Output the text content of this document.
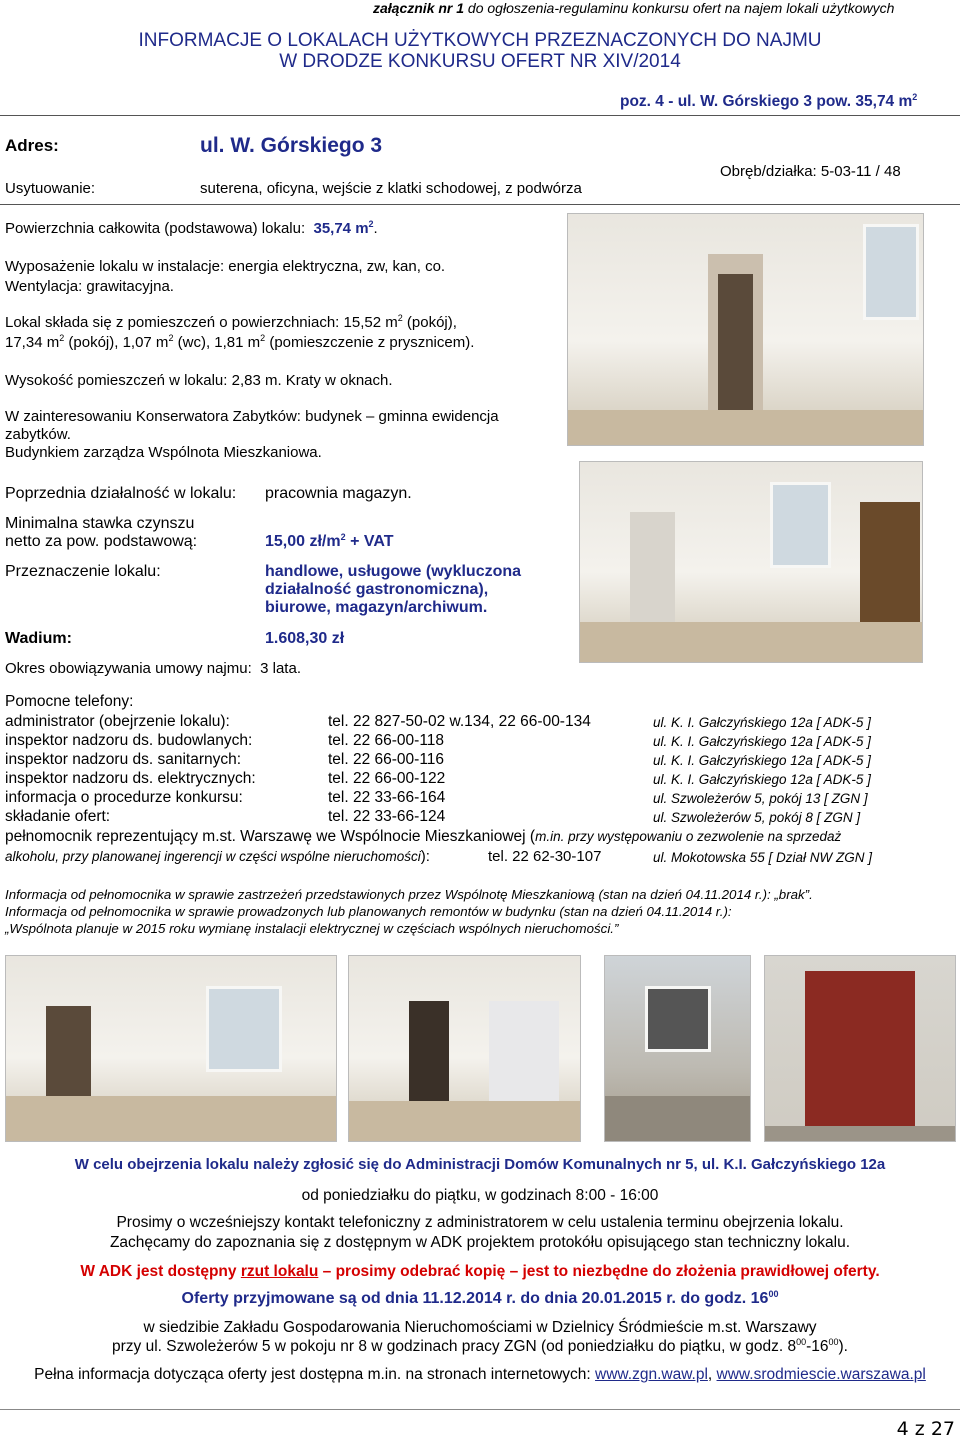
załącznik nr 1 do ogłoszenia-regulaminu konkursu ofert na najem lokali użytkowych
INFORMACJE O LOKALACH UŻYTKOWYCH PRZEZNACZONYCH DO NAJMU
W DRODZE KONKURSU OFERT NR XIV/2014
poz. 4 - ul. W. Górskiego 3 pow. 35,74 $m^2$
Adres:	ul. W. Górskiego 3
Usytuowanie:	suterena, oficyna, wejście z klatki schodowej, z podwórza
Obręb/działka: 5-03-11 / 48
Powierzchnia całkowita (podstawowa) lokalu: 35,74 $m^2$.
Wyposażenie lokalu w instalacje: energia elektryczna, zw, kan, co.
Wentylacja: grawitacyjna.
Lokal składa się z pomieszczeń o powierzchniach: 15,52 $m^2$ (pokój),
17,34 $m^2$ (pokój), 1,07 $m^2$ (wc), 1,81 $m^2$ (pomieszczenie z prysznicem).
Wysokość pomieszczeń w lokalu: 2,83 m. Kraty w oknach.
W zainteresowaniu Konserwatora Zabytków: budynek – gminna ewidencja
zabytków.
Budynkiem zarządza Wspólnota Mieszkaniowa.
Poprzednia działalność w lokalu: pracownia magazyn.
Minimalna stawka czynszu
netto za pow. podstawową:	15,00 $zł/m^2$ + VAT
Przeznaczenie lokalu:	handlowe, usługowe (wykluczona
działalność gastronomiczna),
biurowe, magazyn/archiwum.
Wadium:	1.608,30 zł
Okres obowiązywania umowy najmu: 3 lata.
Pomocne telefony:
administrator (obejrzenie lokalu):	tel. 22 827-50-02 w.134, 22 66-00-134	ul. K. I. Gałczyńskiego 12a [ ADK-5 ]
inspektor nadzoru ds. budowlanych:	tel. 22 66-00-118	ul. K. I. Gałczyńskiego 12a [ ADK-5 ]
inspektor nadzoru ds. sanitarnych:	tel. 22 66-00-116	ul. K. I. Gałczyńskiego 12a [ ADK-5 ]
inspektor nadzoru ds. elektrycznych:	tel. 22 66-00-122	ul. K. I. Gałczyńskiego 12a [ ADK-5 ]
informacja o procedurze konkursu:	tel. 22 33-66-164	ul. Szwoleżerów 5, pokój 13 [ ZGN ]
składanie ofert:	tel. 22 33-66-124	ul. Szwoleżerów 5, pokój 8 [ ZGN ]
pełnomocnik reprezentujący m.st. Warszawę we Wspólnocie Mieszkaniowej (m.in. przy występowaniu o zezwolenie na sprzedaż
alkoholu, przy planowanej ingerencji w części wspólne nieruchomości):	tel. 22 62-30-107	ul. Mokotowska 55 [ Dział NW ZGN ]
Informacja od pełnomocnika w sprawie zastrzeżeń przedstawionych przez Wspólnotę Mieszkaniową (stan na dzień 04.11.2014 r.): „brak”.
Informacja od pełnomocnika w sprawie prowadzonych lub planowanych remontów w budynku (stan na dzień 04.11.2014 r.):
„Wspólnota planuje w 2015 roku wymianę instalacji elektrycznej w częściach wspólnych nieruchomości.”
W celu obejrzenia lokalu należy zgłosić się do Administracji Domów Komunalnych nr 5, ul. K.I. Gałczyńskiego 12a
od poniedziałku do piątku, w godzinach 8:00 - 16:00
Prosimy o wcześniejszy kontakt telefoniczny z administratorem w celu ustalenia terminu obejrzenia lokalu.
Zachęcamy do zapoznania się z dostępnym w ADK projektem protokółu opisującego stan techniczny lokalu.
W ADK jest dostępny rzut lokalu – prosimy odebrać kopię – jest to niezbędne do złożenia prawidłowej oferty.
Oferty przyjmowane są od dnia 11.12.2014 r. do dnia 20.01.2015 r. do godz. $16^{00}$
w siedzibie Zakładu Gospodarowania Nieruchomościami w Dzielnicy Śródmieście m.st. Warszawy
przy ul. Szwoleżerów 5 w pokoju nr 8 w godzinach pracy ZGN (od poniedziałku do piątku, w godz. $8^{00}-16^{00}$).
Pełna informacja dotycząca oferty jest dostępna m.in. na stronach internetowych: www.zgn.waw.pl, www.srodmiescie.warszawa.pl
4 z 27
